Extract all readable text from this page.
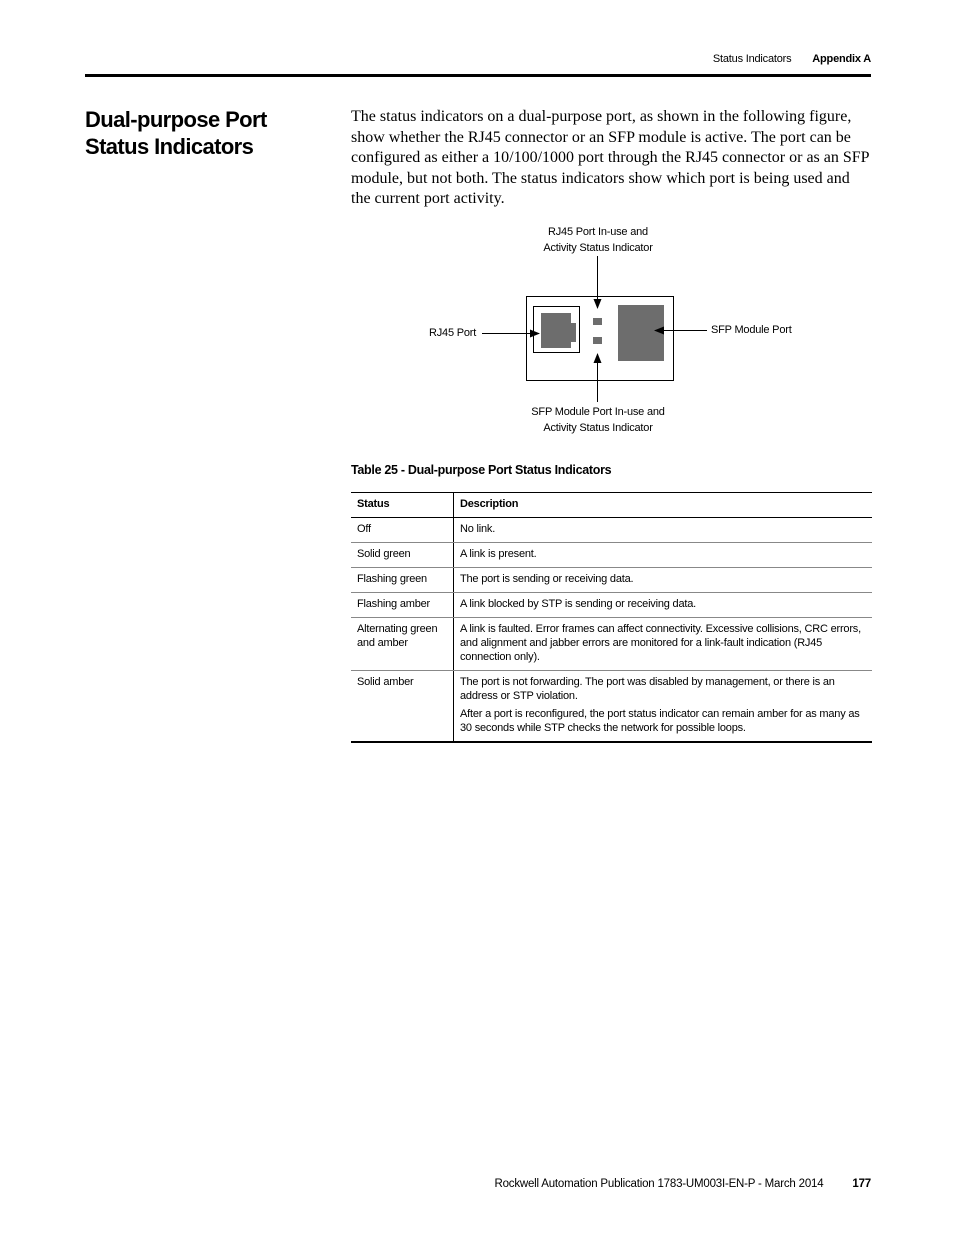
Status Indicators Appendix A
Dual-purpose Port Status Indicators
The status indicators on a dual-purpose port, as shown in the following figure, show whether the RJ45 connector or an SFP module is active. The port can be configured as either a 10/100/1000 port through the RJ45 connector or as an SFP module, but not both. The status indicators show which port is being used and the current port activity.
RJ45 Port In-use and
Activity Status Indicator
RJ45 Port	SFP Module Port
SFP Module Port In-use and
Activity Status Indicator
Table 25 - Dual-purpose Port Status Indicators
Status	Description
Off	No link.
Solid green	A link is present.
Flashing green	The port is sending or receiving data.
Flashing amber	A link blocked by STP is sending or receiving data.
Alternating green and amber	A link is faulted. Error frames can affect connectivity. Excessive collisions, CRC errors, and alignment and jabber errors are monitored for a link-fault indication (RJ45 connection only).
Solid amber	The port is not forwarding. The port was disabled by management, or there is an address or STP violation.

After a port is reconfigured, the port status indicator can remain amber for as many as 30 seconds while STP checks the network for possible loops.

Rockwell Automation Publication 1783-UM003I-EN-P - March 2014	177
